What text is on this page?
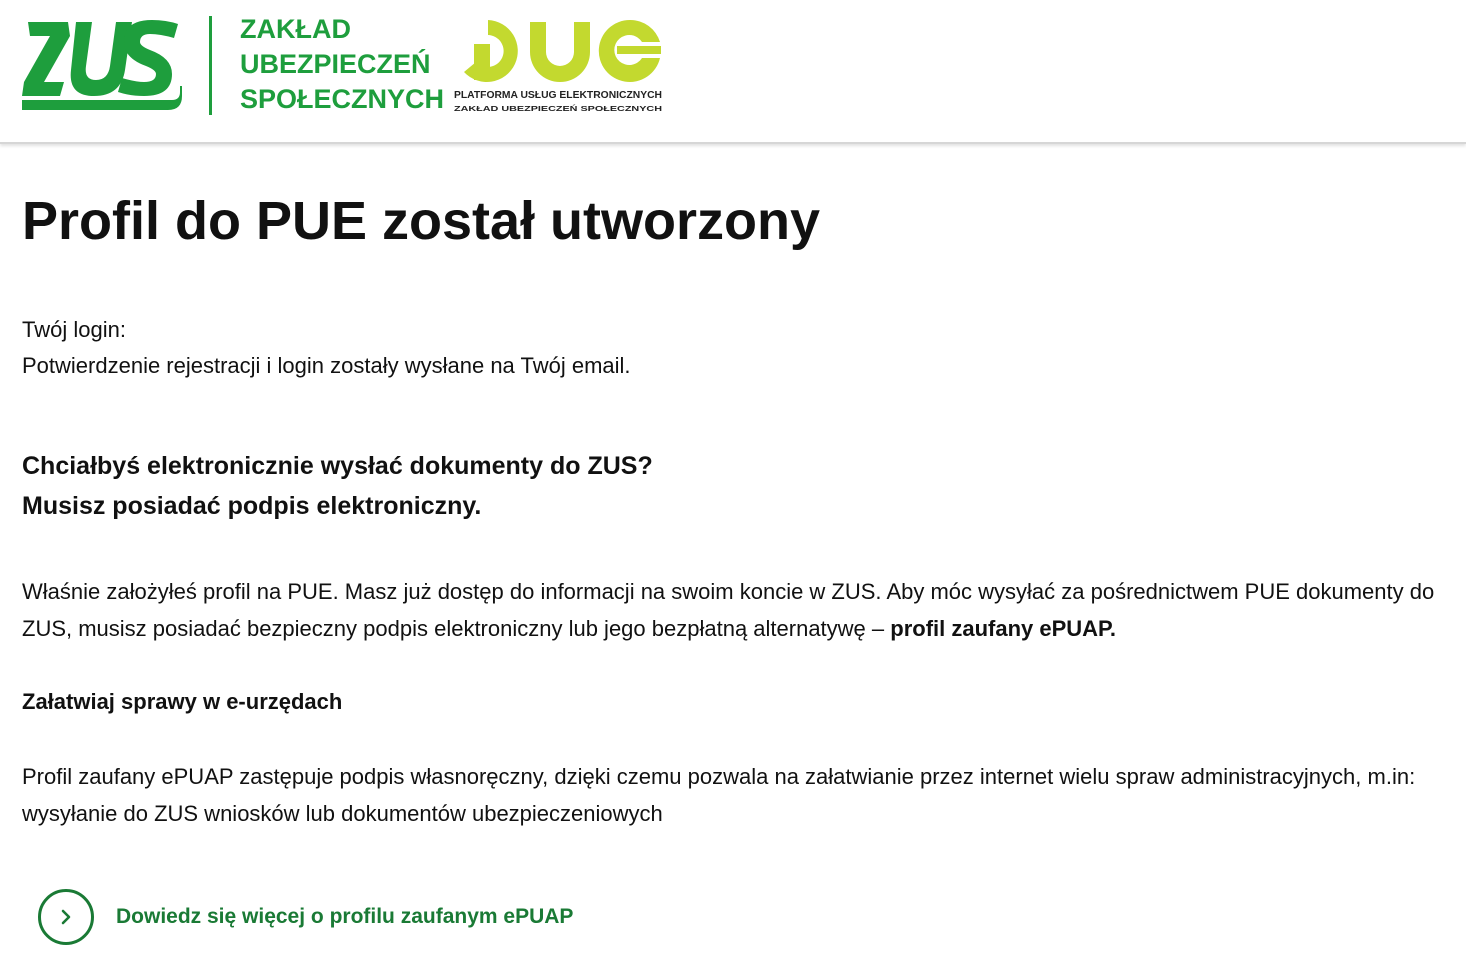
ZAKŁAD
UBEZPIECZEŃ
SPOŁECZNYCH PLATFORMA USŁUG ELEKTRONICZNYCH
ZAKŁAD UBEZPIECZEŃ SPOŁECZNYCH
Profil do PUE został utworzony
Twój login:
Potwierdzenie rejestracji i login zostały wysłane na Twój email.
Chciałbyś elektronicznie wysłać dokumenty do ZUS?
Musisz posiadać podpis elektroniczny.

Właśnie założyłeś profil na PUE. Masz już dostęp do informacji na swoim koncie w ZUS. Aby móc wysyłać za pośrednictwem PUE dokumenty do ZUS, musisz posiadać bezpieczny podpis elektroniczny lub jego bezpłatną alternatywę – profil zaufany ePUAP.

Załatwiaj sprawy w e-urzędach

Profil zaufany ePUAP zastępuje podpis własnoręczny, dzięki czemu pozwala na załatwianie przez internet wielu spraw administracyjnych, m.in: wysyłanie do ZUS wniosków lub dokumentów ubezpieczeniowych

Dowiedz się więcej o profilu zaufanym ePUAP
